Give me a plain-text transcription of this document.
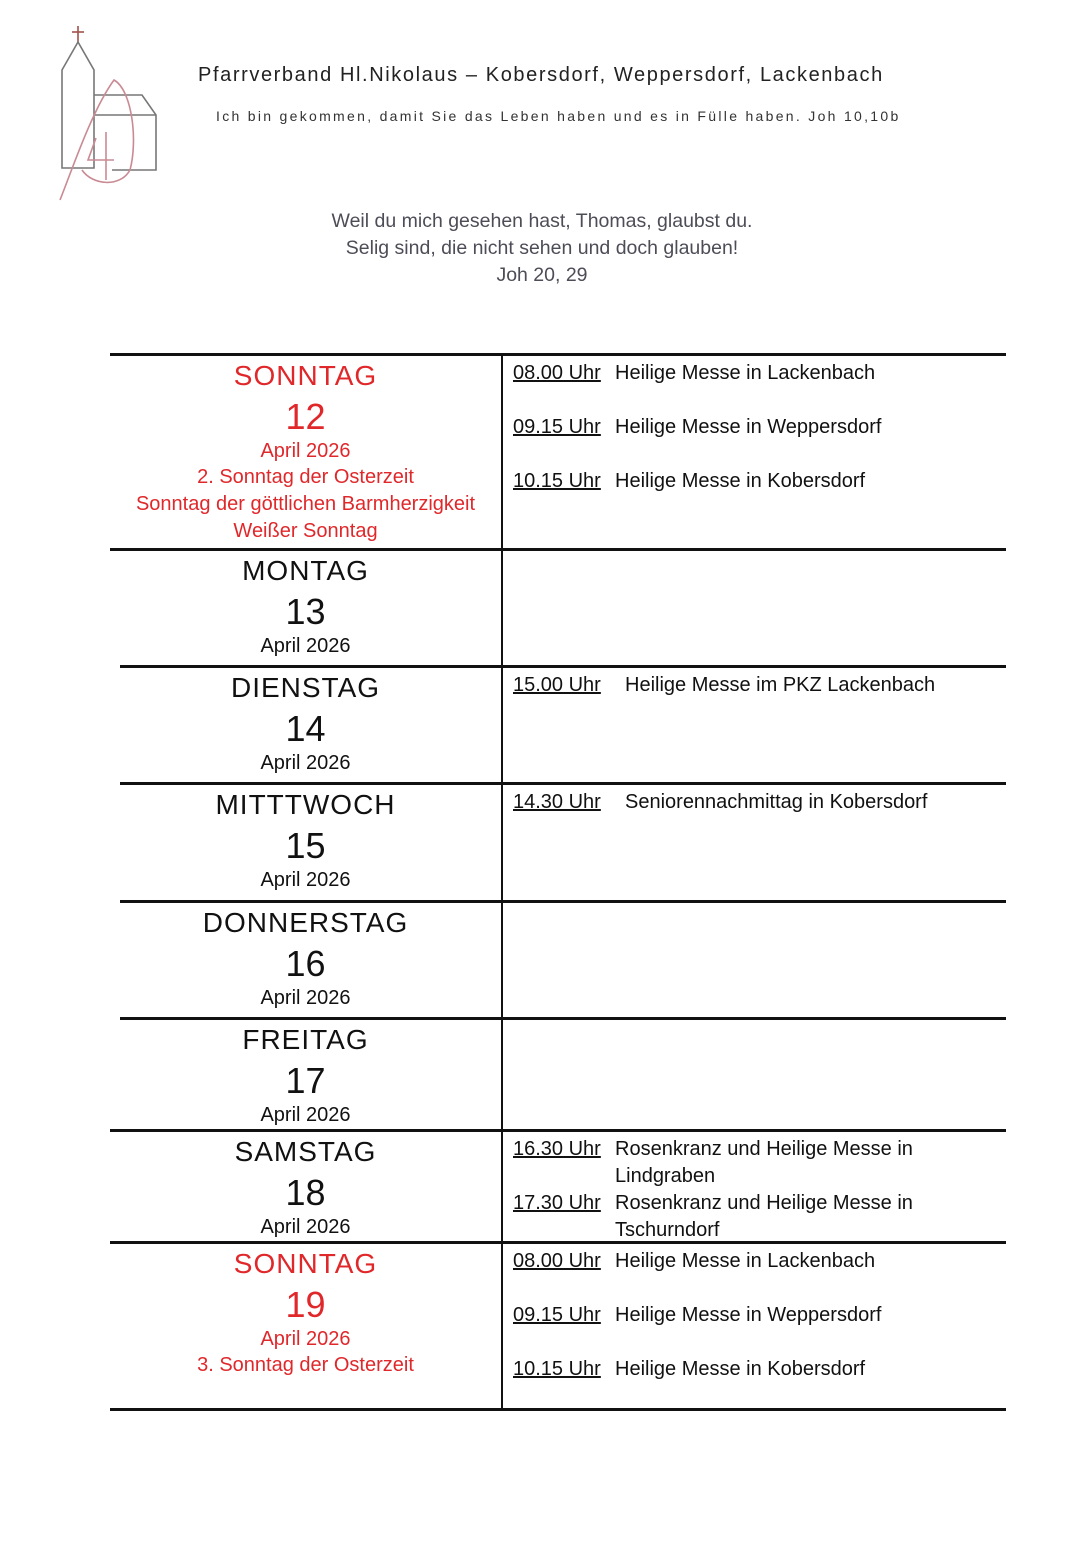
Pfarrverband Hl.Nikolaus – Kobersdorf, Weppersdorf, Lackenbach
Ich bin gekommen, damit Sie das Leben haben und es in Fülle haben. Joh 10,10b
Weil du mich gesehen hast, Thomas, glaubst du.
Selig sind, die nicht sehen und doch glauben!
Joh 20, 29
SONNTAG
12
April 2026
2. Sonntag der Osterzeit
Sonntag der göttlichen Barmherzigkeit
Weißer Sonntag
08.00 Uhr Heilige Messe in Lackenbach
09.15 Uhr Heilige Messe in Weppersdorf
10.15 Uhr Heilige Messe in Kobersdorf
MONTAG
13
April 2026
DIENSTAG
14
April 2026
15.00 Uhr	Heilige Messe im PKZ Lackenbach
MITTTWOCH
15
April 2026
14.30 Uhr	Seniorennachmittag in Kobersdorf
DONNERSTAG
16
April 2026
FREITAG
17
April 2026
SAMSTAG
18
April 2026
16.30 Uhr Rosenkranz und Heilige Messe in Lindgraben
17.30 Uhr Rosenkranz und Heilige Messe in Tschurndorf
SONNTAG
19
April 2026
3. Sonntag der Osterzeit
08.00 Uhr Heilige Messe in Lackenbach
09.15 Uhr Heilige Messe in Weppersdorf
10.15 Uhr Heilige Messe in Kobersdorf
